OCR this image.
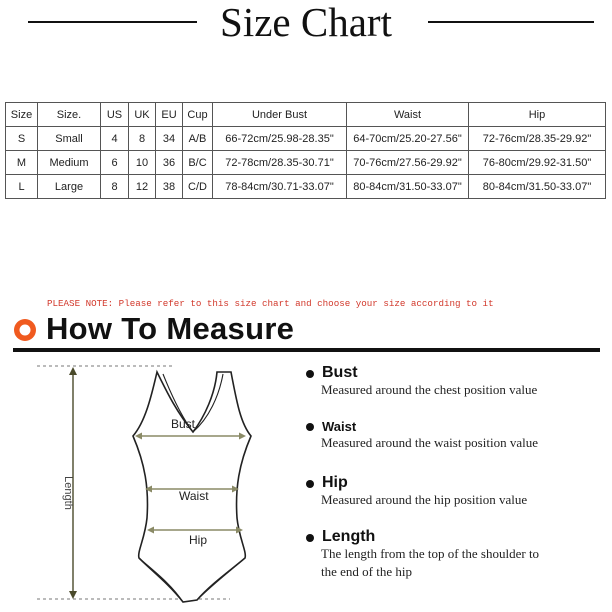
Size Chart
Size	Size.	US	UK	EU	Cup	Under Bust	Waist	Hip
S	Small	4	8	34	A/B	66-72cm/25.98-28.35"	64-70cm/25.20-27.56"	72-76cm/28.35-29.92"
M	Medium	6	10	36	B/C	72-78cm/28.35-30.71"	70-76cm/27.56-29.92"	76-80cm/29.92-31.50"
L	Large	8	12	38	C/D	78-84cm/30.71-33.07"	80-84cm/31.50-33.07"	80-84cm/31.50-33.07"
PLEASE NOTE: Please refer to this size chart and choose your size according to it
How To Measure
Bust
Waist
Hip
Length
Bust
Measured around the chest position value
Waist
Measured around the waist position value
Hip
Measured around the hip position value
Length
The length from the top of the shoulder to
the end of the hip
